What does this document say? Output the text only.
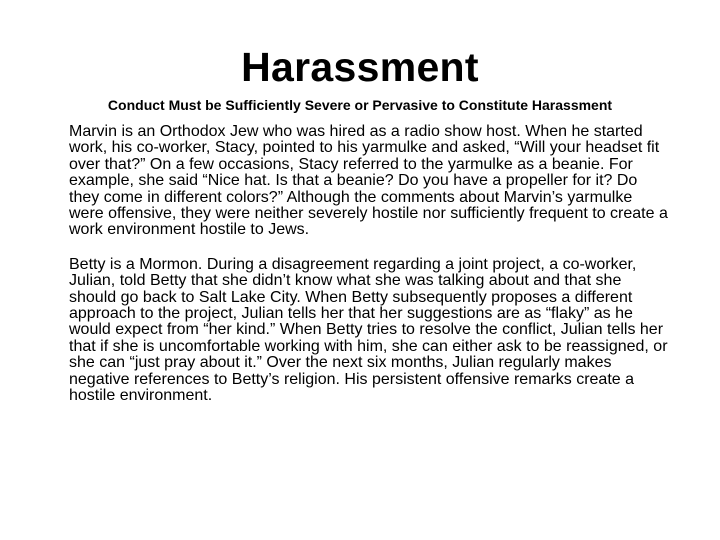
Harassment

Conduct Must be Sufficiently Severe or Pervasive to Constitute Harassment

Marvin is an Orthodox Jew who was hired as a radio show host. When he started work, his co-worker, Stacy, pointed to his yarmulke and asked, “Will your headset fit over that?” On a few occasions, Stacy referred to the yarmulke as a beanie. For example, she said “Nice hat. Is that a beanie? Do you have a propeller for it? Do they come in different colors?” Although the comments about Marvin’s yarmulke were offensive, they were neither severely hostile nor sufficiently frequent to create a work environment hostile to Jews.

Betty is a Mormon. During a disagreement regarding a joint project, a co-worker, Julian, told Betty that she didn’t know what she was talking about and that she should go back to Salt Lake City. When Betty subsequently proposes a different approach to the project, Julian tells her that her suggestions are as “flaky” as he would expect from “her kind.” When Betty tries to resolve the conflict, Julian tells her that if she is uncomfortable working with him, she can either ask to be reassigned, or she can “just pray about it.” Over the next six months, Julian regularly makes negative references to Betty’s religion. His persistent offensive remarks create a hostile environment.
